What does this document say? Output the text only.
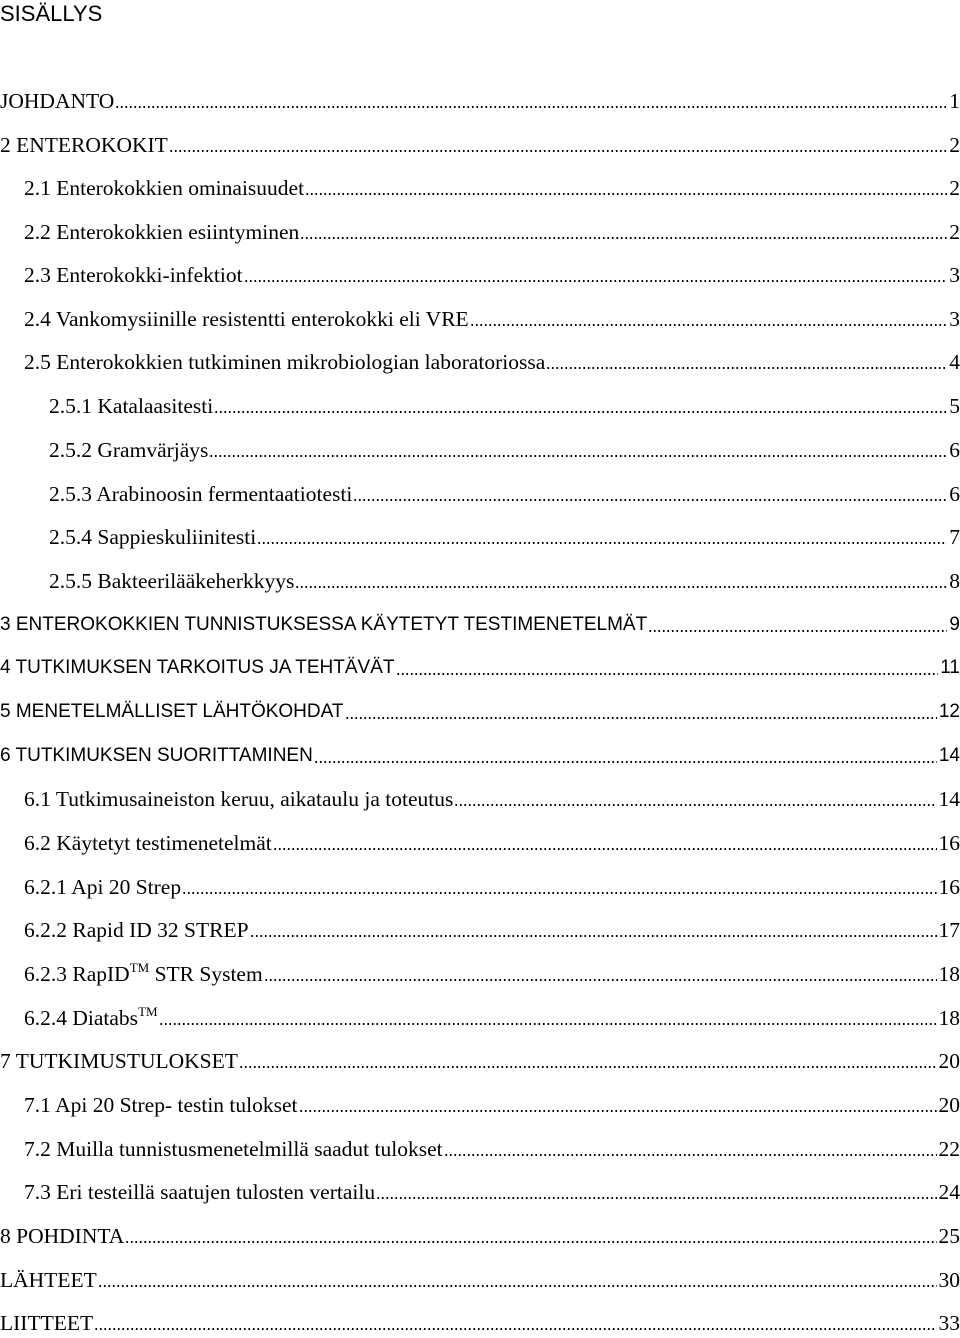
SISÄLLYS
JOHDANTO	1
2 ENTEROKOKIT	2
2.1 Enterokokkien ominaisuudet	2
2.2 Enterokokkien esiintyminen	2
2.3 Enterokokki-infektiot	3
2.4 Vankomysiinille resistentti enterokokki eli VRE	3
2.5 Enterokokkien tutkiminen mikrobiologian laboratoriossa	4
2.5.1 Katalaasitesti	5
2.5.2 Gramvärjäys	6
2.5.3 Arabinoosin fermentaatiotesti	6
2.5.4 Sappieskuliinitesti	7
2.5.5 Bakteerilääkeherkkyys	8
3 ENTEROKOKKIEN TUNNISTUKSESSA KÄYTETYT TESTIMENETELMÄT	9
4 TUTKIMUKSEN TARKOITUS JA TEHTÄVÄT	11
5 MENETELMÄLLISET LÄHTÖKOHDAT	12
6 TUTKIMUKSEN SUORITTAMINEN	14
6.1 Tutkimusaineiston keruu, aikataulu ja toteutus	14
6.2 Käytetyt testimenetelmät	16
6.2.1 Api 20 Strep	16
6.2.2 Rapid ID 32 STREP	17
6.2.3 RapID™ STR System	18
6.2.4 Diatabs™	18
7 TUTKIMUSTULOKSET	20
7.1 Api 20 Strep- testin tulokset	20
7.2 Muilla tunnistusmenetelmillä saadut tulokset	22
7.3 Eri testeillä saatujen tulosten vertailu	24
8 POHDINTA	25
LÄHTEET	30
LIITTEET	33
